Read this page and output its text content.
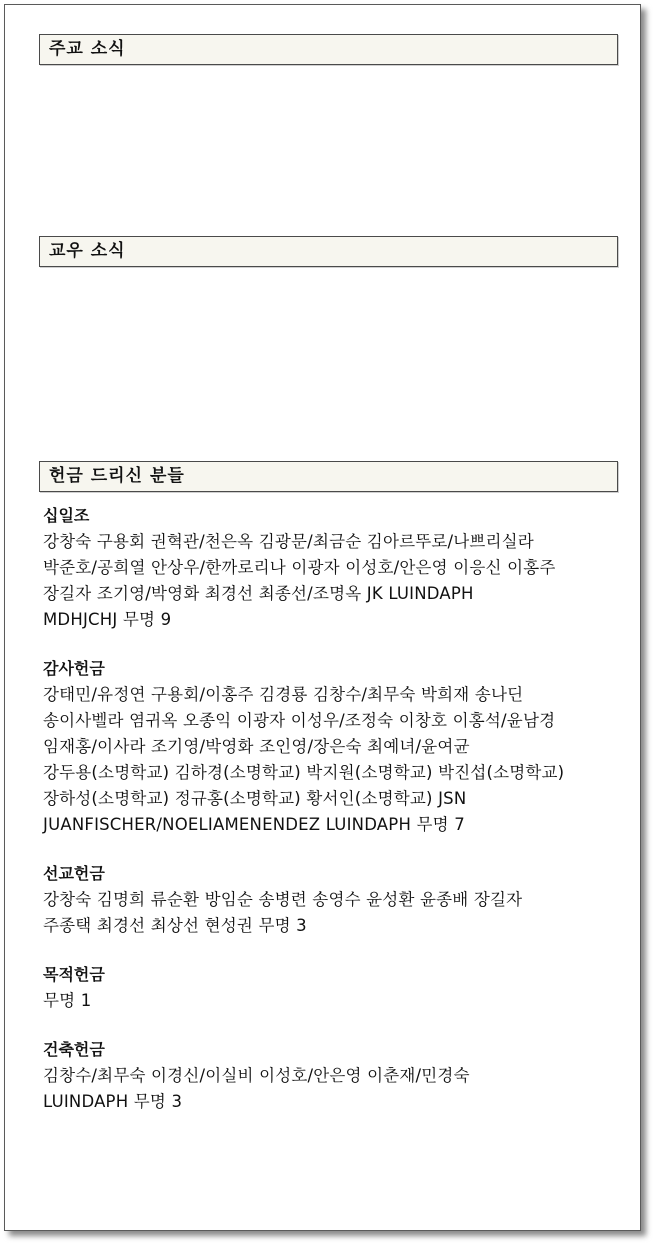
주교 소식
교우 소식
헌금 드리신 분들
십일조
강창숙 구용회 권혁관/천은옥 김광문/최금순 김아르뚜로/나쁘리실라
박준호/공희열 안상우/한까로리나 이광자 이성호/안은영 이응신 이홍주
장길자 조기영/박영화 최경선 최종선/조명옥 JK LUINDAPH
MDHJCHJ 무명 9
감사헌금
강태민/유정연 구용회/이홍주 김경룡 김창수/최무숙 박희재 송나딘
송이사벨라 염귀옥 오종익 이광자 이성우/조정숙 이창호 이홍석/윤남경
임재홍/이사라 조기영/박영화 조인영/장은숙 최예녀/윤여균
강두용(소명학교) 김하경(소명학교) 박지원(소명학교) 박진섭(소명학교)
장하성(소명학교) 정규홍(소명학교) 황서인(소명학교) JSN
JUANFISCHER/NOELIAMENENDEZ LUINDAPH 무명 7
선교헌금
강창숙 김명희 류순환 방임순 송병련 송영수 윤성환 윤종배 장길자
주종택 최경선 최상선 현성권 무명 3
목적헌금
무명 1
건축헌금
김창수/최무숙 이경신/이실비 이성호/안은영 이춘재/민경숙
LUINDAPH 무명 3
